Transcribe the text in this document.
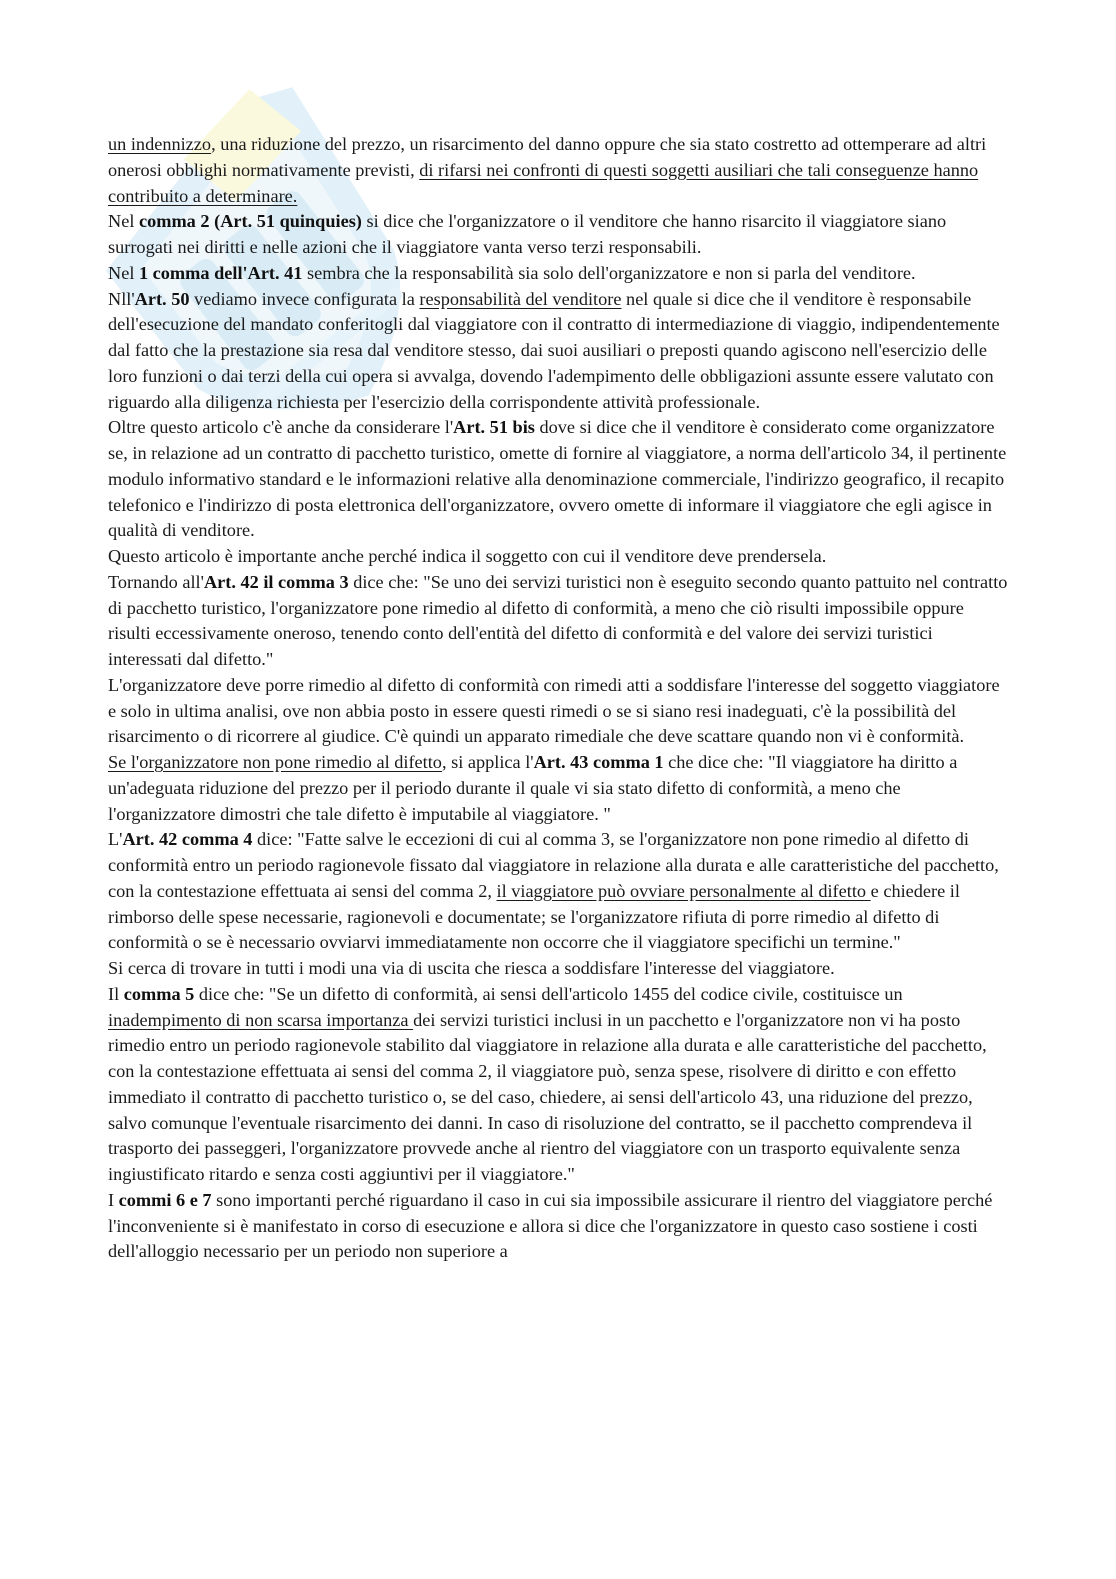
un indennizzo, una riduzione del prezzo, un risarcimento del danno oppure che sia stato costretto ad ottemperare ad altri onerosi obblighi normativamente previsti, di rifarsi nei confronti di questi soggetti ausiliari che tali conseguenze hanno contribuito a determinare.

Nel comma 2 (Art. 51 quinquies) si dice che l'organizzatore o il venditore che hanno risarcito il viaggiatore siano surrogati nei diritti e nelle azioni che il viaggiatore vanta verso terzi responsabili.

Nel 1 comma dell'Art. 41 sembra che la responsabilità sia solo dell'organizzatore e non si parla del venditore.

Nll'Art. 50 vediamo invece configurata la responsabilità del venditore nel quale si dice che il venditore è responsabile dell'esecuzione del mandato conferitogli dal viaggiatore con il contratto di intermediazione di viaggio, indipendentemente dal fatto che la prestazione sia resa dal venditore stesso, dai suoi ausiliari o preposti quando agiscono nell'esercizio delle loro funzioni o dai terzi della cui opera si avvalga, dovendo l'adempimento delle obbligazioni assunte essere valutato con riguardo alla diligenza richiesta per l'esercizio della corrispondente attività professionale.

Oltre questo articolo c'è anche da considerare l'Art. 51 bis dove si dice che il venditore è considerato come organizzatore se, in relazione ad un contratto di pacchetto turistico, omette di fornire al viaggiatore, a norma dell'articolo 34, il pertinente modulo informativo standard e le informazioni relative alla denominazione commerciale, l'indirizzo geografico, il recapito telefonico e l'indirizzo di posta elettronica dell'organizzatore, ovvero omette di informare il viaggiatore che egli agisce in qualità di venditore.

Questo articolo è importante anche perché indica il soggetto con cui il venditore deve prendersela.

Tornando all'Art. 42 il comma 3 dice che: "Se uno dei servizi turistici non è eseguito secondo quanto pattuito nel contratto di pacchetto turistico, l'organizzatore pone rimedio al difetto di conformità, a meno che ciò risulti impossibile oppure risulti eccessivamente oneroso, tenendo conto dell'entità del difetto di conformità e del valore dei servizi turistici interessati dal difetto."

L'organizzatore deve porre rimedio al difetto di conformità con rimedi atti a soddisfare l'interesse del soggetto viaggiatore e solo in ultima analisi, ove non abbia posto in essere questi rimedi o se si siano resi inadeguati, c'è la possibilità del risarcimento o di ricorrere al giudice. C'è quindi un apparato rimediale che deve scattare quando non vi è conformità.

Se l'organizzatore non pone rimedio al difetto, si applica l'Art. 43 comma 1 che dice che: "Il viaggiatore ha diritto a un'adeguata riduzione del prezzo per il periodo durante il quale vi sia stato difetto di conformità, a meno che l'organizzatore dimostri che tale difetto è imputabile al viaggiatore. "

L'Art. 42 comma 4 dice: "Fatte salve le eccezioni di cui al comma 3, se l'organizzatore non pone rimedio al difetto di conformità entro un periodo ragionevole fissato dal viaggiatore in relazione alla durata e alle caratteristiche del pacchetto, con la contestazione effettuata ai sensi del comma 2, il viaggiatore può ovviare personalmente al difetto e chiedere il rimborso delle spese necessarie, ragionevoli e documentate; se l'organizzatore rifiuta di porre rimedio al difetto di conformità o se è necessario ovviarvi immediatamente non occorre che il viaggiatore specifichi un termine."

Si cerca di trovare in tutti i modi una via di uscita che riesca a soddisfare l'interesse del viaggiatore.

Il comma 5 dice che: "Se un difetto di conformità, ai sensi dell'articolo 1455 del codice civile, costituisce un inadempimento di non scarsa importanza dei servizi turistici inclusi in un pacchetto e l'organizzatore non vi ha posto rimedio entro un periodo ragionevole stabilito dal viaggiatore in relazione alla durata e alle caratteristiche del pacchetto, con la contestazione effettuata ai sensi del comma 2, il viaggiatore può, senza spese, risolvere di diritto e con effetto immediato il contratto di pacchetto turistico o, se del caso, chiedere, ai sensi dell'articolo 43, una riduzione del prezzo, salvo comunque l'eventuale risarcimento dei danni. In caso di risoluzione del contratto, se il pacchetto comprendeva il trasporto dei passeggeri, l'organizzatore provvede anche al rientro del viaggiatore con un trasporto equivalente senza ingiustificato ritardo e senza costi aggiuntivi per il viaggiatore."

I commi 6 e 7 sono importanti perché riguardano il caso in cui sia impossibile assicurare il rientro del viaggiatore perché l'inconveniente si è manifestato in corso di esecuzione e allora si dice che l'organizzatore in questo caso sostiene i costi dell'alloggio necessario per un periodo non superiore a
